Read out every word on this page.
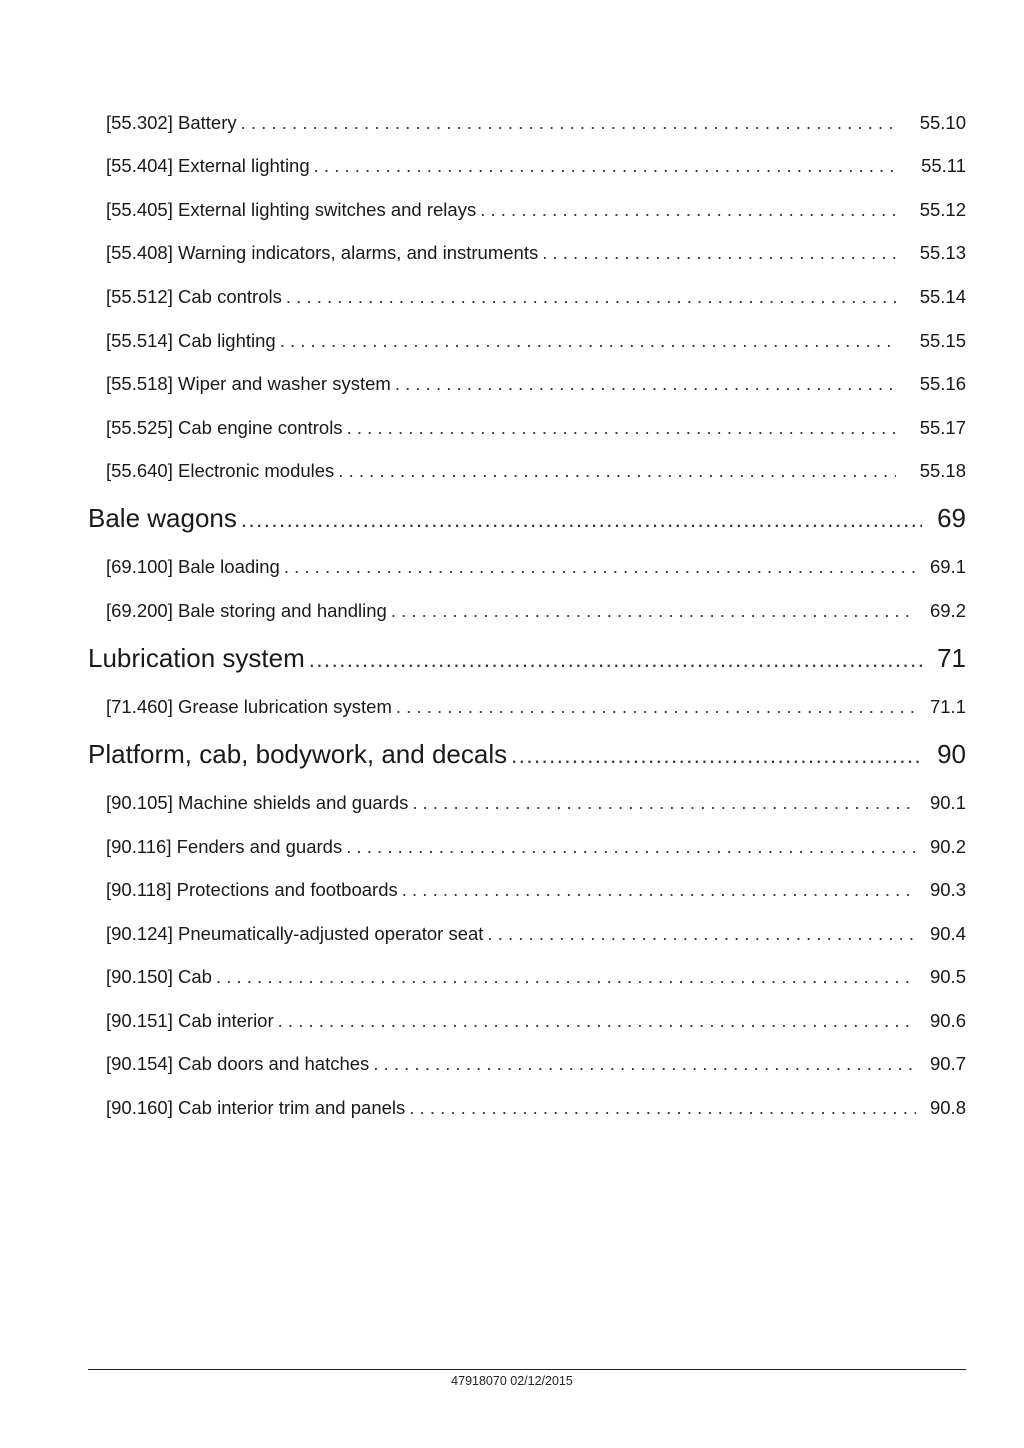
[55.302] Battery . . .	55.10
[55.404] External lighting . . .	55.11
[55.405] External lighting switches and relays . . .	55.12
[55.408] Warning indicators, alarms, and instruments . . .	55.13
[55.512] Cab controls . . .	55.14
[55.514] Cab lighting . . .	55.15
[55.518] Wiper and washer system . . .	55.16
[55.525] Cab engine controls . . .	55.17
[55.640] Electronic modules . . .	55.18
Bale wagons .....	69
[69.100] Bale loading . . .	69.1
[69.200] Bale storing and handling . . .	69.2
Lubrication system .....	71
[71.460] Grease lubrication system . . .	71.1
Platform, cab, bodywork, and decals .....	90
[90.105] Machine shields and guards . . .	90.1
[90.116] Fenders and guards . . .	90.2
[90.118] Protections and footboards . . .	90.3
[90.124] Pneumatically-adjusted operator seat . . .	90.4
[90.150] Cab . . .	90.5
[90.151] Cab interior . . .	90.6
[90.154] Cab doors and hatches . . .	90.7
[90.160] Cab interior trim and panels . . .	90.8
47918070 02/12/2015
